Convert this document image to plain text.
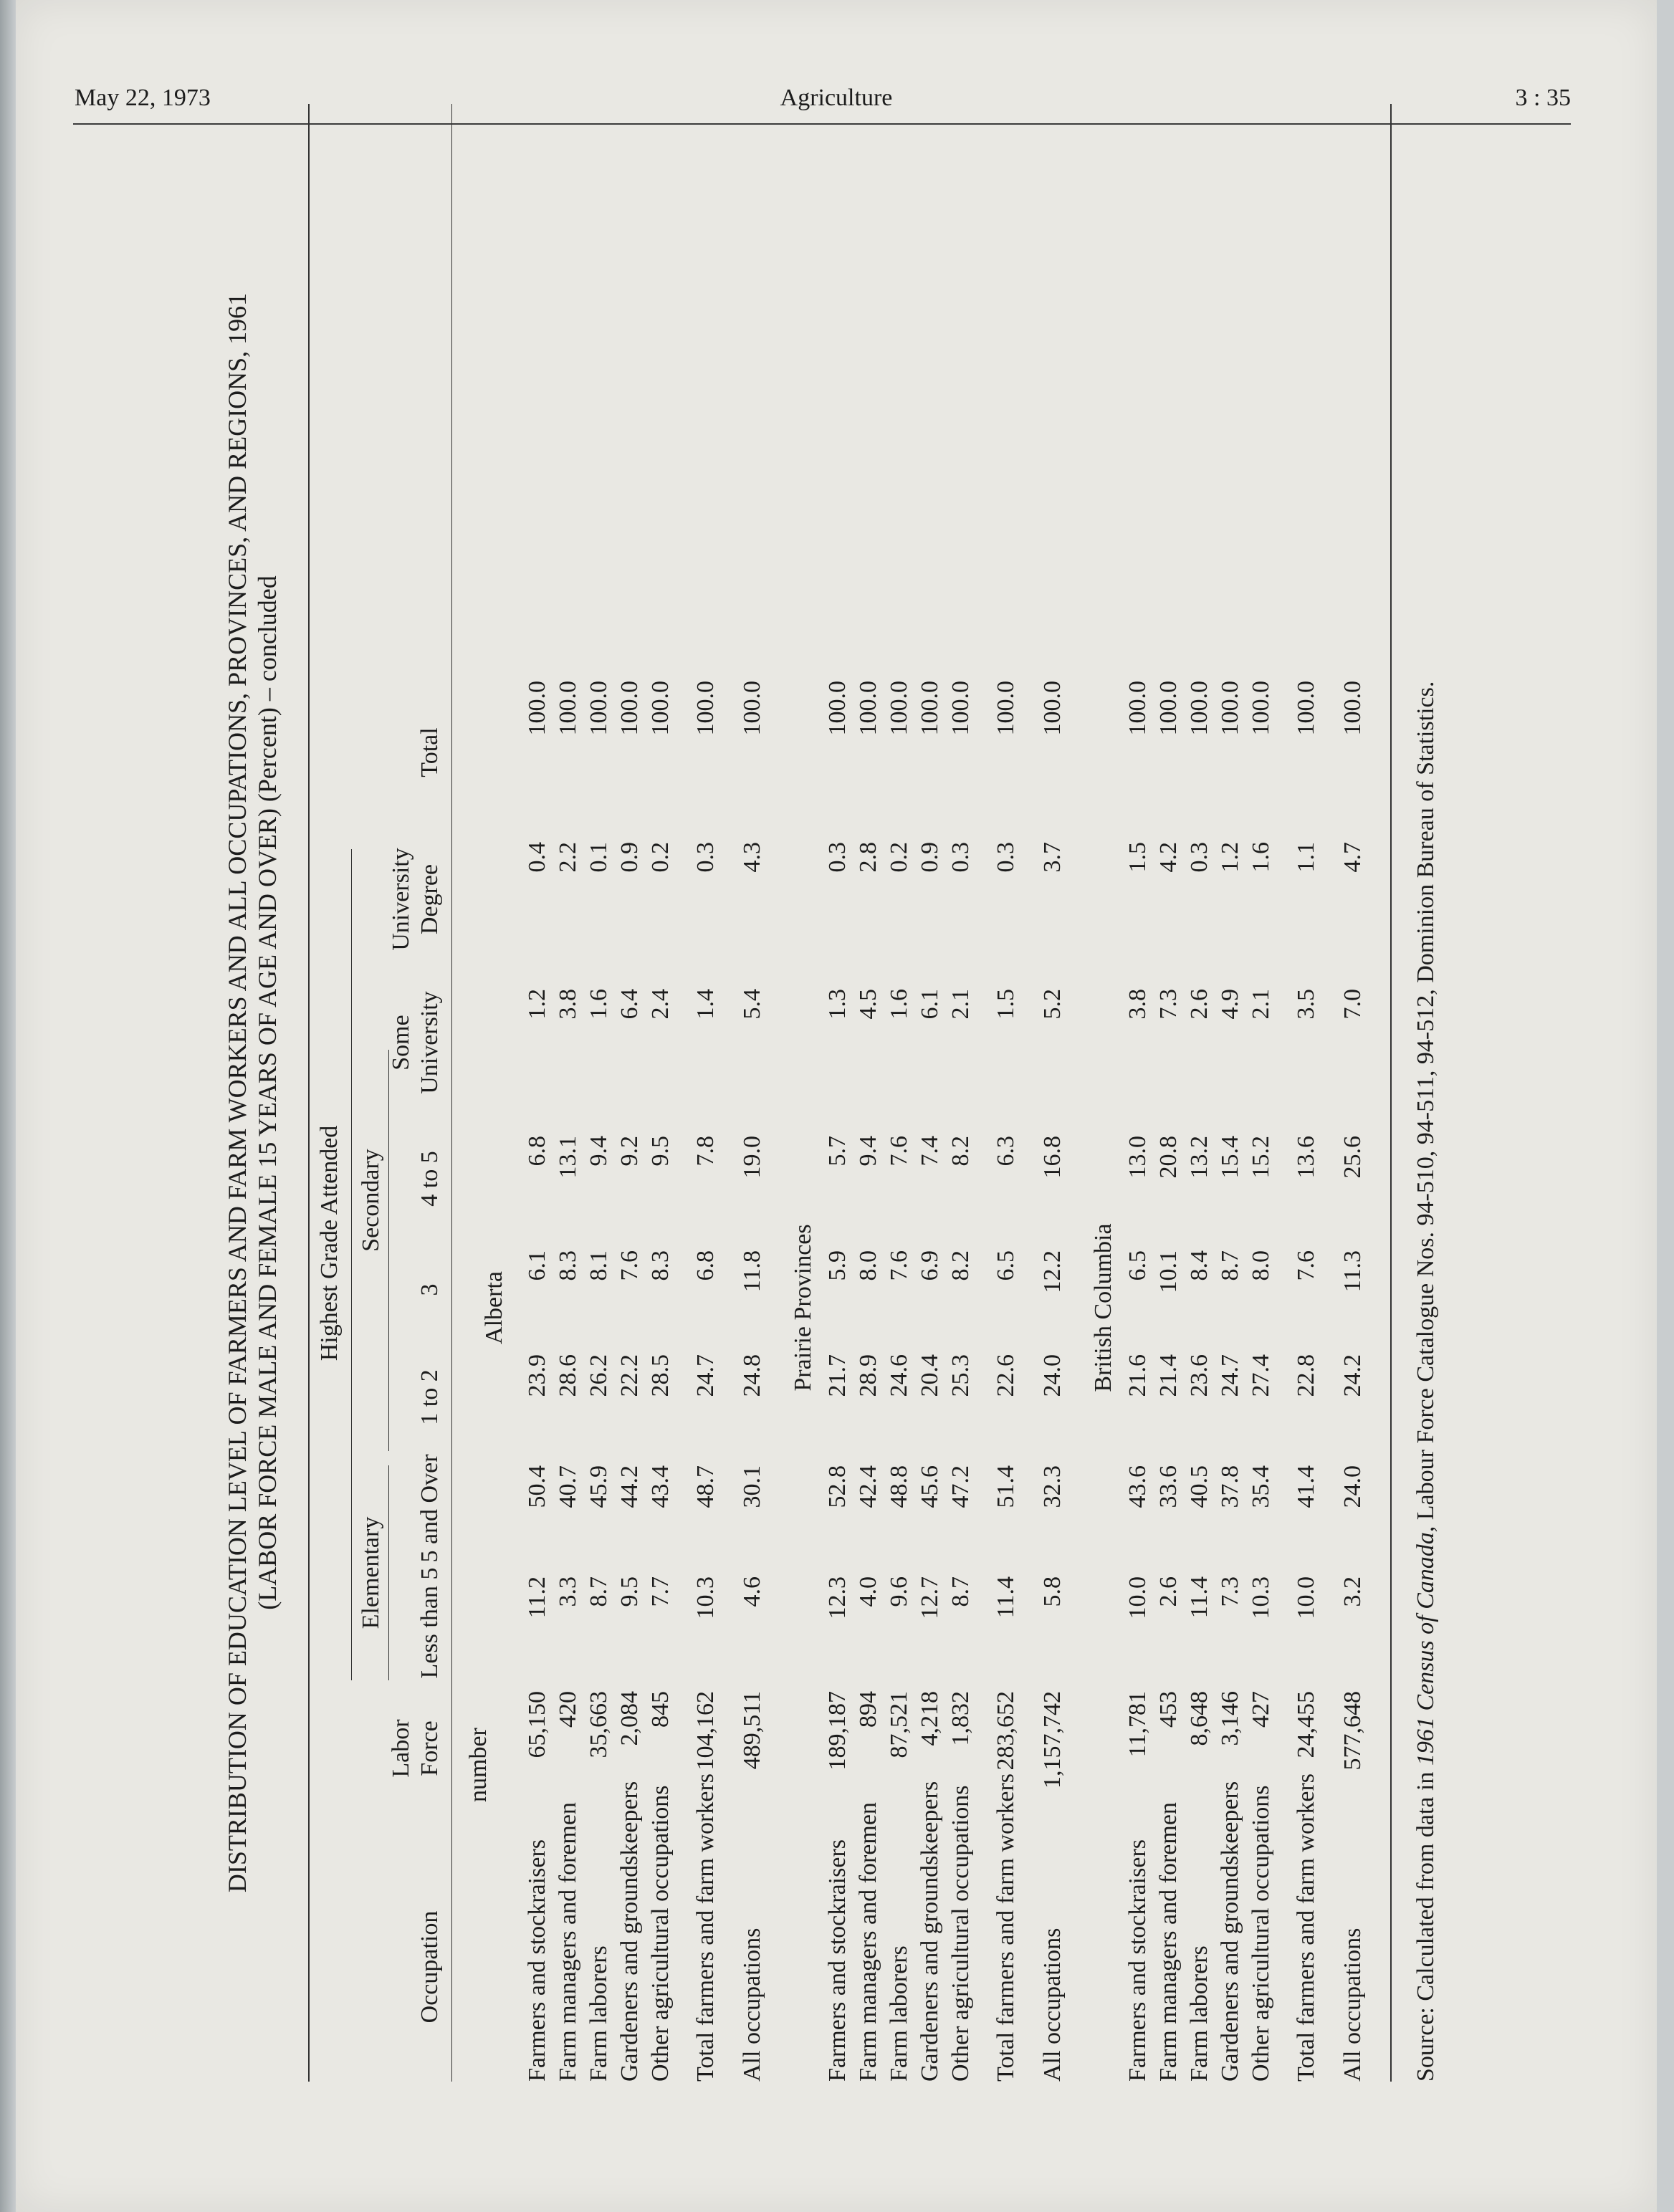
May 22, 1973	Agriculture	3 : 35
DISTRIBUTION OF EDUCATION LEVEL OF FARMERS AND FARM WORKERS AND ALL OCCUPATIONS, PROVINCES, AND REGIONS, 1961 (LABOR FORCE MALE AND FEMALE 15 YEARS OF AGE AND OVER) (Percent) – concluded Highest Grade Attended
Elementary
Secondary
Occupation
Labor Force
Less than 5
5 and Over
1 to 2
3
4 to 5
Some University
University Degree
Total
number
Alberta
Farmers and stockraisers
65,150
11.2
50.4
23.9
6.1
6.8
1.2
0.4
100.0
Farm managers and foremen
420
3.3
40.7
28.6
8.3
13.1
3.8
2.2
100.0
Farm laborers
35,663
8.7
45.9
26.2
8.1
9.4
1.6
0.1
100.0
Gardeners and groundskeepers
2,084
9.5
44.2
22.2
7.6
9.2
6.4
0.9
100.0
Other agricultural occupations
845
7.7
43.4
28.5
8.3
9.5
2.4
0.2
100.0
Total farmers and farm workers
104,162
10.3
48.7
24.7
6.8
7.8
1.4
0.3
100.0
All occupations
489,511
4.6
30.1
24.8
11.8
19.0
5.4
4.3
100.0
Prairie Provinces
Farmers and stockraisers
189,187
12.3
52.8
21.7
5.9
5.7
1.3
0.3
100.0
Farm managers and foremen
894
4.0
42.4
28.9
8.0
9.4
4.5
2.8
100.0
Farm laborers
87,521
9.6
48.8
24.6
7.6
7.6
1.6
0.2
100.0
Gardeners and groundskeepers
4,218
12.7
45.6
20.4
6.9
7.4
6.1
0.9
100.0
Other agricultural occupations
1,832
8.7
47.2
25.3
8.2
8.2
2.1
0.3
100.0
Total farmers and farm workers
283,652
11.4
51.4
22.6
6.5
6.3
1.5
0.3
100.0
All occupations
1,157,742
5.8
32.3
24.0
12.2
16.8
5.2
3.7
100.0
British Columbia
Farmers and stockraisers
11,781
10.0
43.6
21.6
6.5
13.0
3.8
1.5
100.0
Farm managers and foremen
453
2.6
33.6
21.4
10.1
20.8
7.3
4.2
100.0
Farm laborers
8,648
11.4
40.5
23.6
8.4
13.2
2.6
0.3
100.0
Gardeners and groundskeepers
3,146
7.3
37.8
24.7
8.7
15.4
4.9
1.2
100.0
Other agricultural occupations
427
10.3
35.4
27.4
8.0
15.2
2.1
1.6
100.0
Total farmers and farm workers
24,455
10.0
41.4
22.8
7.6
13.6
3.5
1.1
100.0
All occupations
577,648
3.2
24.0
24.2
11.3
25.6
7.0
4.7
100.0
Source: Calculated from data in 1961 Census of Canada, Labour Force Catalogue Nos. 94-510, 94-511, 94-512, Dominion Bureau of Statistics.
